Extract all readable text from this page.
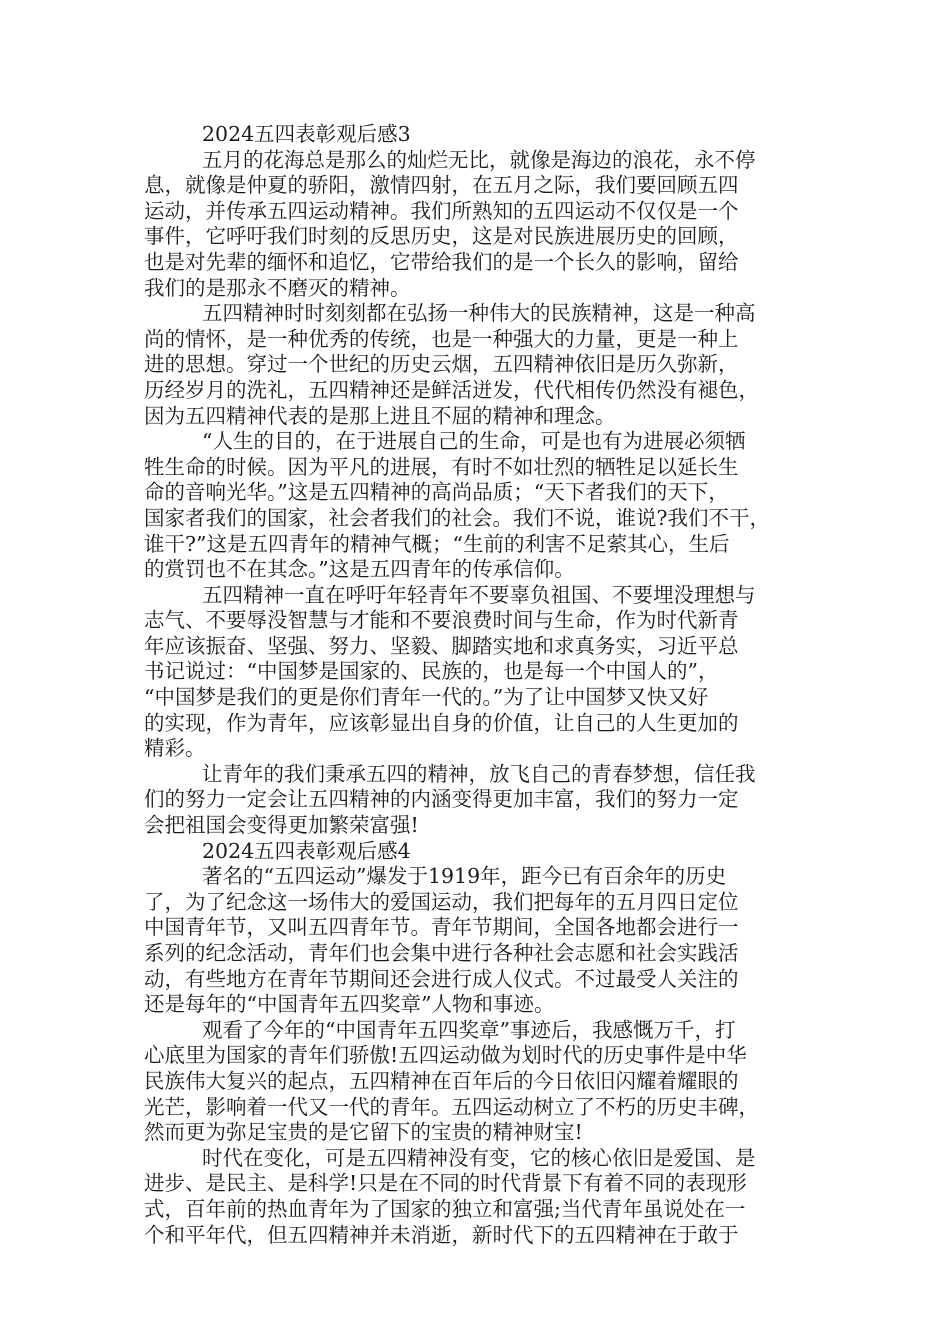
2024五四表彰观后感3
五月的花海总是那么的灿烂无比，就像是海边的浪花，永不停
息，就像是仲夏的骄阳，激情四射，在五月之际，我们要回顾五四
运动，并传承五四运动精神。我们所熟知的五四运动不仅仅是一个
事件，它呼吁我们时刻的反思历史，这是对民族进展历史的回顾，
也是对先辈的缅怀和追忆，它带给我们的是一个长久的影响，留给
我们的是那永不磨灭的精神。
五四精神时时刻刻都在弘扬一种伟大的民族精神，这是一种高
尚的情怀，是一种优秀的传统，也是一种强大的力量，更是一种上
进的思想。穿过一个世纪的历史云烟，五四精神依旧是历久弥新，
历经岁月的洗礼，五四精神还是鲜活迸发，代代相传仍然没有褪色，
因为五四精神代表的是那上进且不屈的精神和理念。
“人生的目的，在于进展自己的生命，可是也有为进展必须牺
牲生命的时候。因为平凡的进展，有时不如壮烈的牺牲足以延长生
命的音响光华。”这是五四精神的高尚品质；“天下者我们的天下，
国家者我们的国家，社会者我们的社会。我们不说，谁说?我们不干，
谁干?”这是五四青年的精神气概；“生前的利害不足萦其心，生后
的赏罚也不在其念。”这是五四青年的传承信仰。
五四精神一直在呼吁年轻青年不要辜负祖国、不要埋没理想与
志气、不要辱没智慧与才能和不要浪费时间与生命，作为时代新青
年应该振奋、坚强、努力、坚毅、脚踏实地和求真务实，习近平总
书记说过：“中国梦是国家的、民族的，也是每一个中国人的”，
“中国梦是我们的更是你们青年一代的。”为了让中国梦又快又好
的实现，作为青年，应该彰显出自身的价值，让自己的人生更加的
精彩。
让青年的我们秉承五四的精神，放飞自己的青春梦想，信任我
们的努力一定会让五四精神的内涵变得更加丰富，我们的努力一定
会把祖国会变得更加繁荣富强!
2024五四表彰观后感4
著名的“五四运动”爆发于1919年，距今已有百余年的历史
了，为了纪念这一场伟大的爱国运动，我们把每年的五月四日定位
中国青年节，又叫五四青年节。青年节期间，全国各地都会进行一
系列的纪念活动，青年们也会集中进行各种社会志愿和社会实践活
动，有些地方在青年节期间还会进行成人仪式。不过最受人关注的
还是每年的“中国青年五四奖章”人物和事迹。
观看了今年的“中国青年五四奖章”事迹后，我感慨万千，打
心底里为国家的青年们骄傲!五四运动做为划时代的历史事件是中华
民族伟大复兴的起点，五四精神在百年后的今日依旧闪耀着耀眼的
光芒，影响着一代又一代的青年。五四运动树立了不朽的历史丰碑，
然而更为弥足宝贵的是它留下的宝贵的精神财宝!
时代在变化，可是五四精神没有变，它的核心依旧是爱国、是
进步、是民主、是科学!只是在不同的时代背景下有着不同的表现形
式，百年前的热血青年为了国家的独立和富强;当代青年虽说处在一
个和平年代，但五四精神并未消逝，新时代下的五四精神在于敢于
